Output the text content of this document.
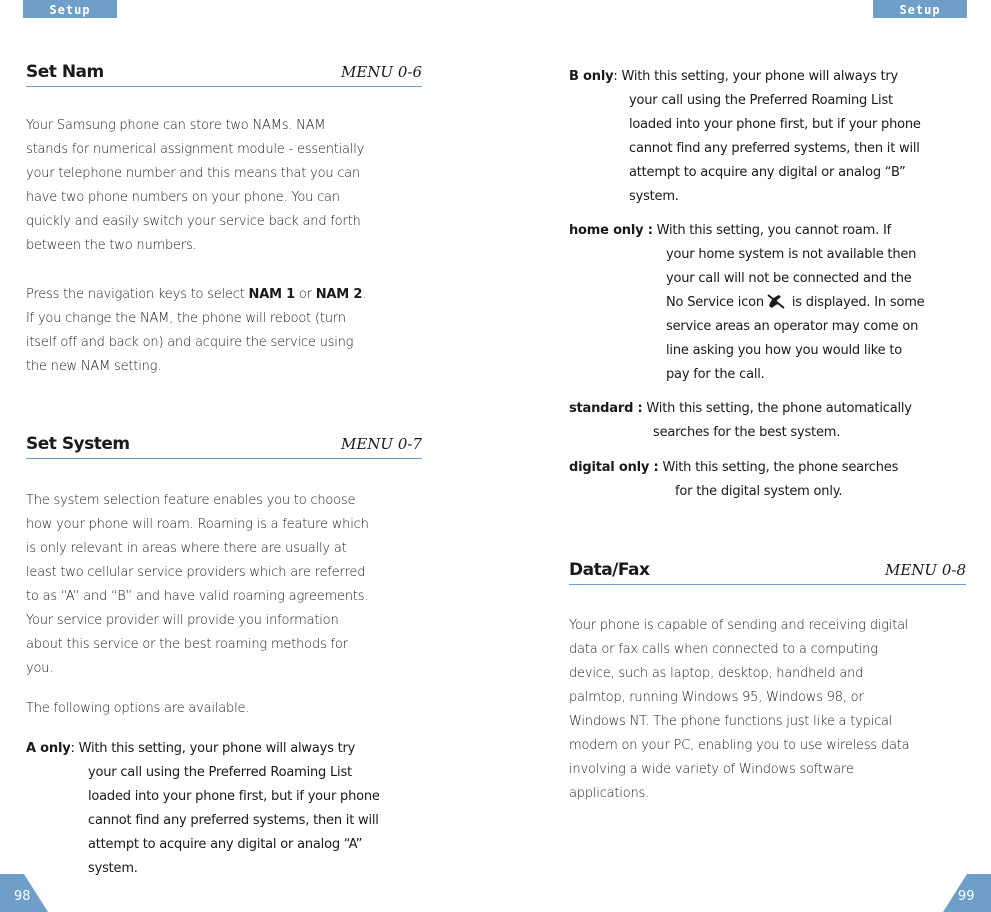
Setup	Setup
Set Nam	MENU 0-6
Your Samsung phone can store two NAMs. NAM
stands for numerical assignment module - essentially
your telephone number and this means that you can
have two phone numbers on your phone. You can
quickly and easily switch your service back and forth
between the two numbers.
Press the navigation keys to select NAM 1 or NAM 2.
If you change the NAM, the phone will reboot (turn
itself off and back on) and acquire the service using
the new NAM setting.
Set System	MENU 0-7
The system selection feature enables you to choose
how your phone will roam. Roaming is a feature which
is only relevant in areas where there are usually at
least two cellular service providers which are referred
to as “A” and “B” and have valid roaming agreements.
Your service provider will provide you information
about this service or the best roaming methods for
you.
The following options are available.
A only: With this setting, your phone will always try
your call using the Preferred Roaming List
loaded into your phone first, but if your phone
cannot find any preferred systems, then it will
attempt to acquire any digital or analog “A”
system.
B only: With this setting, your phone will always try
your call using the Preferred Roaming List
loaded into your phone first, but if your phone
cannot find any preferred systems, then it will
attempt to acquire any digital or analog “B”
system.
home only : With this setting, you cannot roam. If
your home system is not available then
your call will not be connected and the
No Service icon is displayed. In some
service areas an operator may come on
line asking you how you would like to
pay for the call.
standard : With this setting, the phone automatically
searches for the best system.
digital only : With this setting, the phone searches
for the digital system only.
Data/Fax	MENU 0-8
Your phone is capable of sending and receiving digital
data or fax calls when connected to a computing
device, such as laptop, desktop, handheld and
palmtop, running Windows 95, Windows 98, or
Windows NT. The phone functions just like a typical
modem on your PC, enabling you to use wireless data
involving a wide variety of Windows software
applications.
98	99
